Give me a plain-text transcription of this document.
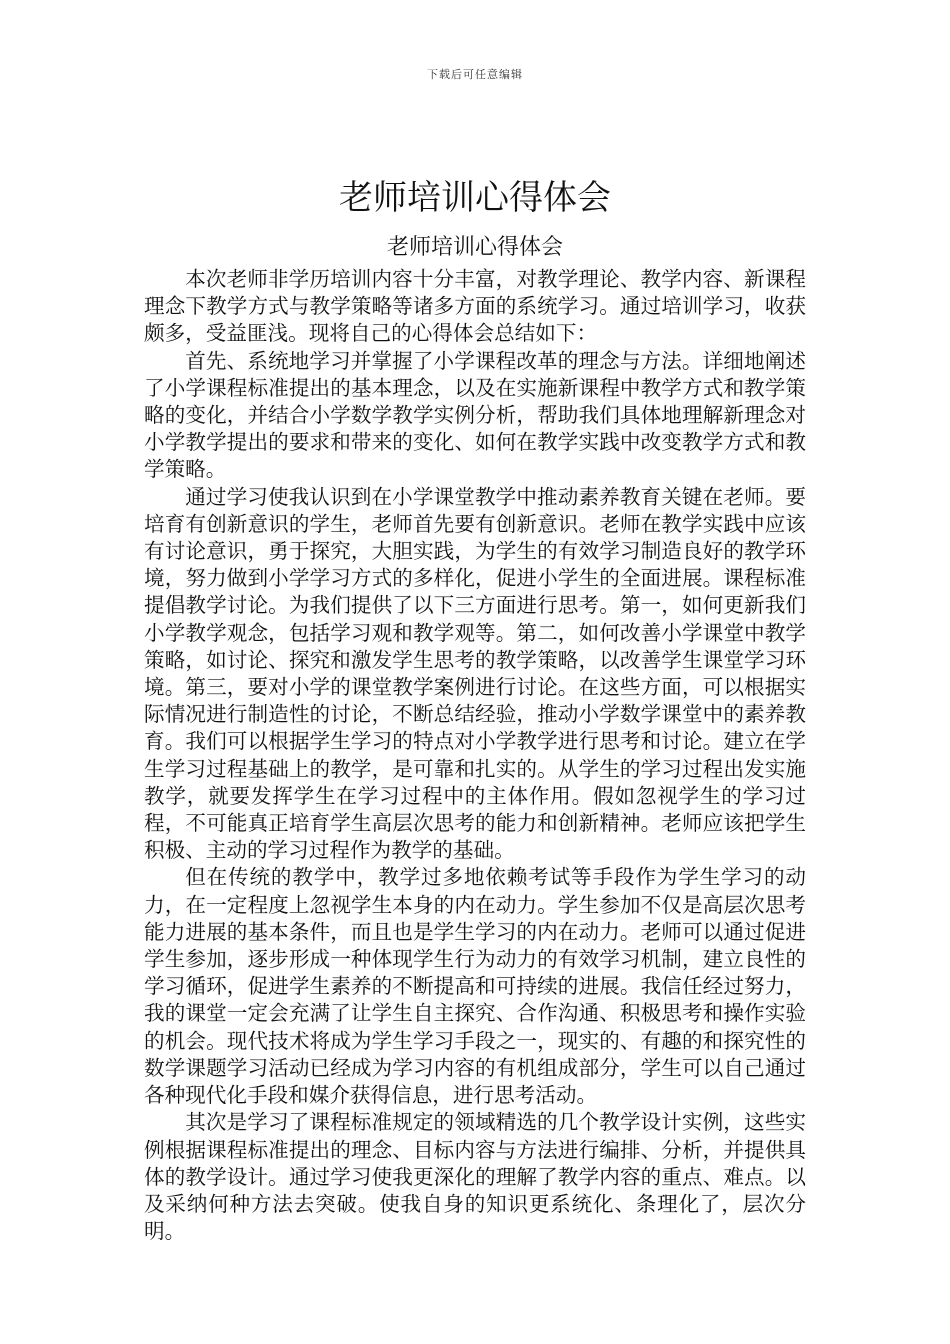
下载后可任意编辑
老师培训心得体会
老师培训心得体会

本次老师非学历培训内容十分丰富，对教学理论、教学内容、新课程理念下教学方式与教学策略等诸多方面的系统学习。通过培训学习，收获颇多，受益匪浅。现将自己的心得体会总结如下：

首先、系统地学习并掌握了小学课程改革的理念与方法。详细地阐述了小学课程标准提出的基本理念，以及在实施新课程中教学方式和教学策略的变化，并结合小学数学教学实例分析，帮助我们具体地理解新理念对小学教学提出的要求和带来的变化、如何在教学实践中改变教学方式和教学策略。

通过学习使我认识到在小学课堂教学中推动素养教育关键在老师。要培育有创新意识的学生，老师首先要有创新意识。老师在教学实践中应该有讨论意识，勇于探究，大胆实践，为学生的有效学习制造良好的教学环境，努力做到小学学习方式的多样化，促进小学生的全面进展。课程标准提倡教学讨论。为我们提供了以下三方面进行思考。第一，如何更新我们小学教学观念，包括学习观和教学观等。第二，如何改善小学课堂中教学策略，如讨论、探究和激发学生思考的教学策略，以改善学生课堂学习环境。第三，要对小学的课堂教学案例进行讨论。在这些方面，可以根据实际情况进行制造性的讨论，不断总结经验，推动小学数学课堂中的素养教育。我们可以根据学生学习的特点对小学教学进行思考和讨论。建立在学生学习过程基础上的教学，是可靠和扎实的。从学生的学习过程出发实施教学，就要发挥学生在学习过程中的主体作用。假如忽视学生的学习过程，不可能真正培育学生高层次思考的能力和创新精神。老师应该把学生积极、主动的学习过程作为教学的基础。

但在传统的教学中，教学过多地依赖考试等手段作为学生学习的动力，在一定程度上忽视学生本身的内在动力。学生参加不仅是高层次思考能力进展的基本条件，而且也是学生学习的内在动力。老师可以通过促进学生参加，逐步形成一种体现学生行为动力的有效学习机制，建立良性的学习循环，促进学生素养的不断提高和可持续的进展。我信任经过努力，我的课堂一定会充满了让学生自主探究、合作沟通、积极思考和操作实验的机会。现代技术将成为学生学习手段之一，现实的、有趣的和探究性的数学课题学习活动已经成为学习内容的有机组成部分，学生可以自己通过各种现代化手段和媒介获得信息，进行思考活动。

其次是学习了课程标准规定的领域精选的几个教学设计实例，这些实例根据课程标准提出的理念、目标内容与方法进行编排、分析，并提供具体的教学设计。通过学习使我更深化的理解了教学内容的重点、难点。以及采纳何种方法去突破。使我自身的知识更系统化、条理化了，层次分明。
